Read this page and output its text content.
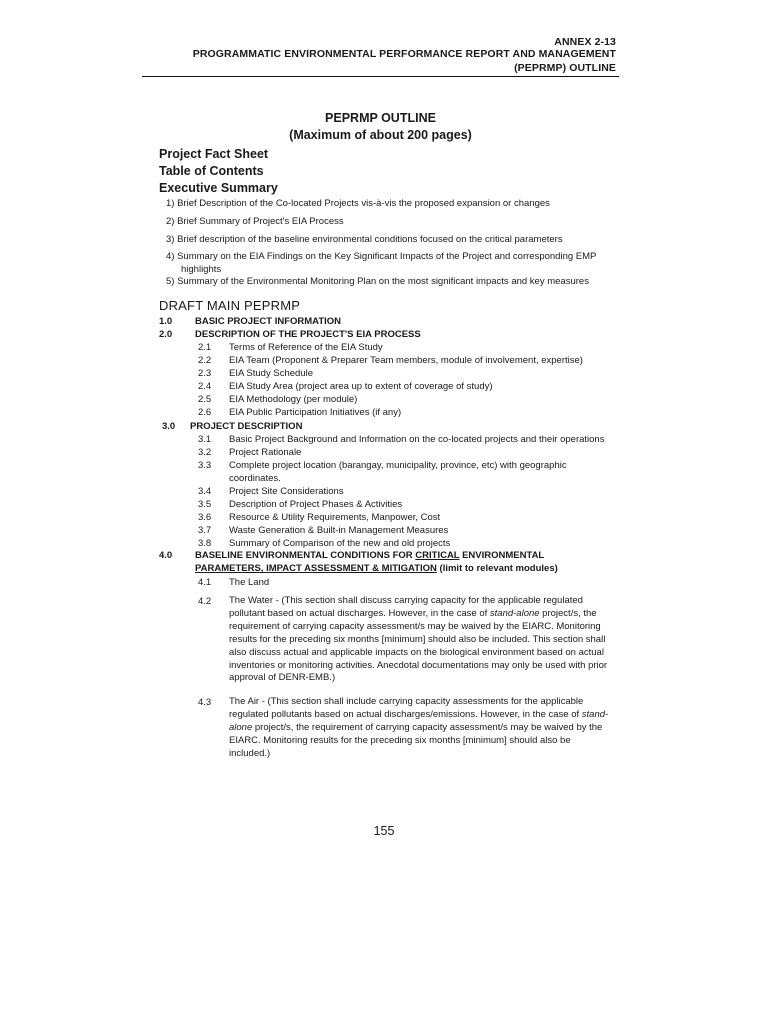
ANNEX 2-13
PROGRAMMATIC ENVIRONMENTAL PERFORMANCE REPORT AND MANAGEMENT
(PEPRMP) OUTLINE
PEPRMP OUTLINE
(Maximum of about 200 pages)
Project Fact Sheet
Table of Contents
Executive Summary
1) Brief Description of the Co-located Projects vis-à-vis the proposed expansion or changes
2) Brief Summary of Project's EIA Process
3) Brief description of the baseline environmental conditions focused on the critical parameters
4) Summary on the EIA Findings on the Key Significant Impacts of the Project and corresponding EMP
highlights
5) Summary of the Environmental Monitoring Plan on the most significant impacts and key measures
DRAFT MAIN PEPRMP
1.0 BASIC PROJECT INFORMATION
2.0 DESCRIPTION OF THE PROJECT'S EIA PROCESS
2.1 Terms of Reference of the EIA Study
2.2 EIA Team (Proponent & Preparer Team members, module of involvement, expertise)
2.3 EIA Study Schedule
2.4 EIA Study Area (project area up to extent of coverage of study)
2.5 EIA Methodology (per module)
2.6 EIA Public Participation Initiatives (if any)
3.0 PROJECT DESCRIPTION
3.1 Basic Project Background and Information on the co-located projects and their operations
3.2 Project Rationale
3.3 Complete project location (barangay, municipality, province, etc) with geographic
coordinates.
3.4 Project Site Considerations
3.5 Description of Project Phases & Activities
3.6 Resource & Utility Requirements, Manpower, Cost
3.7 Waste Generation & Built-in Management Measures
3.8 Summary of Comparison of the new and old projects
4.0 BASELINE ENVIRONMENTAL CONDITIONS FOR CRITICAL ENVIRONMENTAL
PARAMETERS, IMPACT ASSESSMENT & MITIGATION (limit to relevant modules)
4.1 The Land
4.2 The Water - (This section shall discuss carrying capacity for the applicable regulated pollutant based on actual discharges. However, in the case of stand-alone project/s, the requirement of carrying capacity assessment/s may be waived by the EIARC. Monitoring results for the preceding six months [minimum] should also be included. This section shall also discuss actual and applicable impacts on the biological environment based on actual inventories or monitoring activities. Anecdotal documentations may only be used with prior approval of DENR-EMB.)
4.3 The Air - (This section shall include carrying capacity assessments for the applicable regulated pollutants based on actual discharges/emissions. However, in the case of stand-alone project/s, the requirement of carrying capacity assessment/s may be waived by the EIARC. Monitoring results for the preceding six months [minimum] should also be included.)
155
